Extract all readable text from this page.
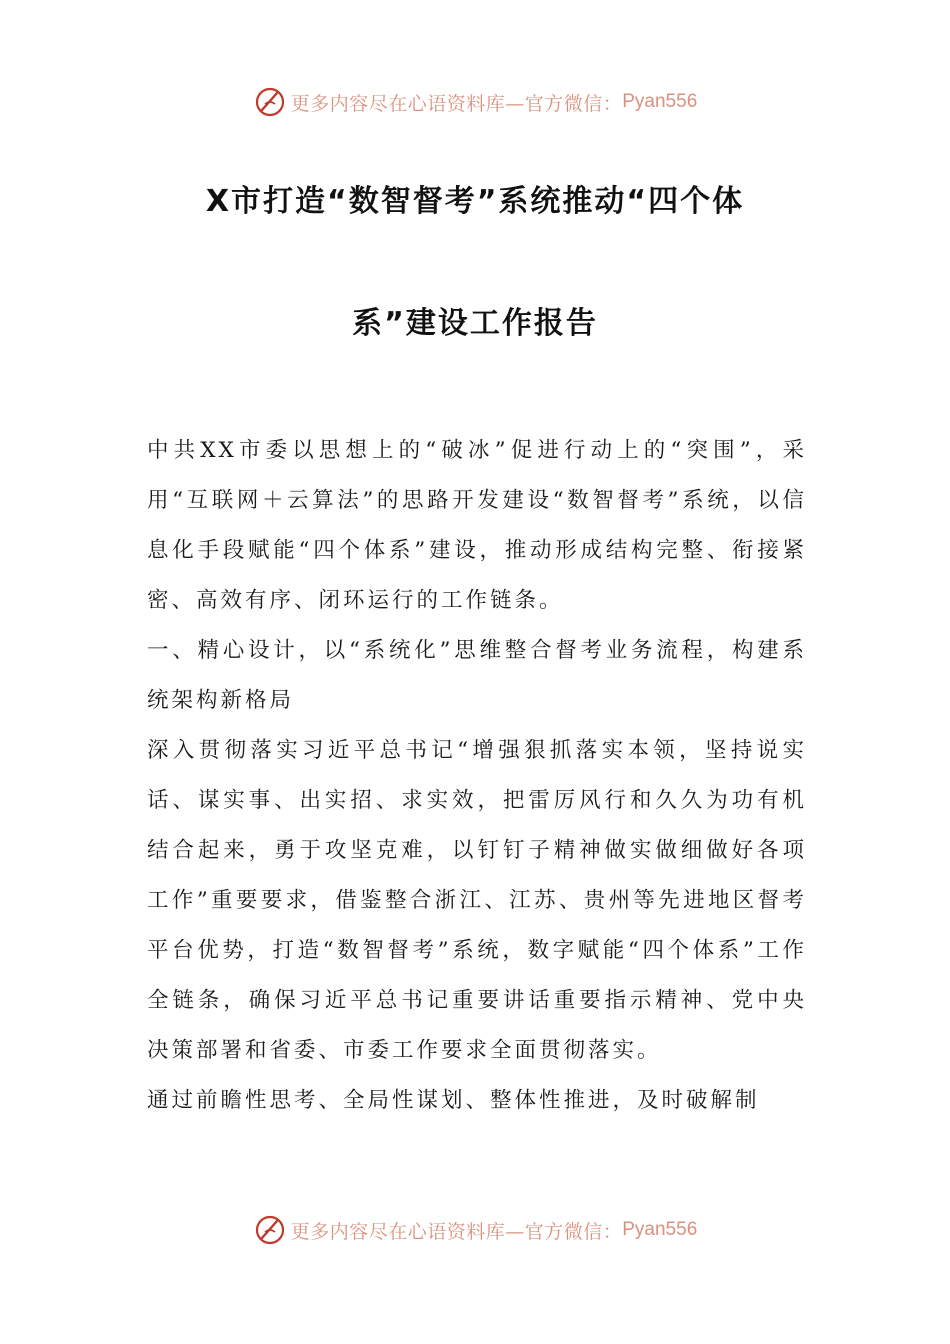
更多内容尽在心语资料库 —官方微信： Pyan556
X市打造“数智督考”系统推动“四个体
系”建设工作报告

中共XX市委以思想上的“破冰”促进行动上的“突围”，采用“互联网＋云算法”的思路开发建设“数智督考”系统，以信息化手段赋能“四个体系”建设，推动形成结构完整、衔接紧密、高效有序、闭环运行的工作链条。

一、精心设计，以“系统化”思维整合督考业务流程，构建系统架构新格局

深入贯彻落实习近平总书记“增强狠抓落实本领，坚持说实话、谋实事、出实招、求实效，把雷厉风行和久久为功有机结合起来，勇于攻坚克难，以钉钉子精神做实做细做好各项工作”重要要求，借鉴整合浙江、江苏、贵州等先进地区督考平台优势，打造“数智督考”系统，数字赋能“四个体系”工作全链条，确保习近平总书记重要讲话重要指示精神、党中央决策部署和省委、市委工作要求全面贯彻落实。

通过前瞻性思考、全局性谋划、整体性推进，及时破解制

更多内容尽在心语资料库 —官方微信： Pyan556
